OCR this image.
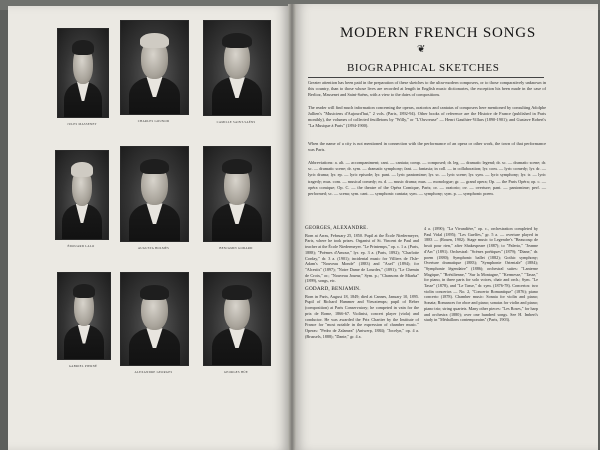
JULES MASSENET
CHARLES GOUNOD	CAMILLE SAINT-SAËNS
ÉDOUARD LALO	AUGUSTA HOLMÈS	BENJAMIN GODARD
GABRIEL PIERNÉ
ALEXANDRE GEORGES	GEORGES HÜE
MODERN FRENCH SONGS
❦
BIOGRAPHICAL SKETCHES

Greater attention has been paid in the preparation of these sketches to the ultra-modern composers, or to those comparatively unknown in this country, than to those whose lives are recorded at length in English music dictionaries, the exception his been made in the case of Berlioz, Massenet and Saint-Saëns, with a view to the dates of compositions.

The reader will find much information concerning the operas, oratorios and cantatas of composers here mentioned by consulting Adolphe Jullien's "Musiciens d'Aujourd'hui," 2 vols. (Paris, 1892-94). Other books of reference are the Histoire de France (published in Paris monthly), the volumes of collected feuilletons by "Willy," or "L'Ouvreuse" — Henri Gauthier-Villars (1890-1901); and Gustave Robert's "La Musique à Paris" (1894-1900).

When the name of a city is not mentioned in connection with the performance of an opera or other work, the town of that performance was Paris.

Abbreviations: a. alt. — accompaniment; cant. — cantata; comp. — composed; dr. leg. — dramatic legend; dr. sc. — dramatic scene; dr. sc. — dramatic scene; dr. sym. — dramatic symphony; fant. — fantasia; in coll. — in collaboration; lyr. com. — lyric comedy; lyr. dr. — lyric drama; lyr. ep. — lyric episode; lyr. pant. — lyric pantomime; lyr. sc. — lyric scene; lyr. sym. — lyric symphony; lyr. tr. — lyric tragedy; mus. com. — musical comedy; m. d. — music drama; mus. — monologue; gr. — grand opera; Op. — the Paris Opéra; op. c. — opéra comique; Op. C. — the theatre of the Opéra Comique, Paris; or. — oratorio; ov. — overture; pant. — pantomime; perf. — performed; sc. — scena; sym. cant. — symphonic cantata; sym. — symphony; sym. p. — symphonic poem.

GEORGES, ALEXANDRE.
Born at Arras, February 25, 1850. Pupil at the École Niedermeyer, Paris, where he took prizes. Organist of St. Vincent de Paul and teacher at the École Niedermeyer. "Le Printemps," op. c. 1 a. (Paris, 1888); "Poèmes d'Amour," lyr. ep. 3 a. (Paris, 1892); "Charlotte Corday," dr. 3 a. (1901); incidental music for Villiers de l'Isle-Adam's "Nouveau Monde" (1883) and "Axel" (1894); for "Alcestis" (1897); "Notre Dame de Lourdes," (1891); "Le Chemin de Croix," or.; "Nouveau Joueur," Sym. p.; "Chansons de Miarka" (1899), songs, etc.
GODARD, BENJAMIN.
Born in Paris, August 18, 1849; died at Cannes, January 10, 1895. Pupil of Richard Hammer and Vieuxtemps; pupil of Reber (composition) at Paris Conservatory; he competed in vain for the prix de Rome, 1866-67. Violinist, concert player (viola) and conductor. He was awarded the Prix Chartier by the Institute of France for "most notable in the expression of chamber music." Operas: "Pedro de Zalamea" (Antwerp, 1884); "Jocelyn," op. 4 a. (Brussels, 1888); "Dante," gr. 4 a.
4 a. (1890); "La Vivandière," op. c., orchestration completed by Paul Vidal (1895); "Les Guelfes," gr. 5 a. — overture played in 1883 — (Rouen, 1902). Stage music to Legendre's "Beaucoup de bruit pour rien," after Shakespeare (1887); to "Palerio," "Jeanne d'Arc" (1891). Orchestral: "Scènes poétiques" (1879); "Diane," dr. poem (1880); Symphonic ballet (1882); Gothic symphony; Overture dramatique (1883); "Symphonie Orientale" (1884); "Symphonie légendaire" (1886); orchestral suites: "Lanterne Magique," "Brésilienne," "Sur la Montagne," "Kermesse," "Tasse," for piano, in three parts for solo voices, chair and orch.; Sym. "Le Tasse" (1878), and "Le Tasse," dr. sym. (1876-78). Concertos: two violin concertos — No. 2, "Concerto Romantique" (1876); piano concerto (1878). Chamber music: Sonata for violin and piano; Sonata; Romances for oboe and piano; sonatas for violin and piano; piano trio; string quartets. Many other pieces: "Les Roses," for harp and orchestra (1880); over one hundred songs. See H. Imbert's study in "Médaillons contemporains" (Paris, 1903).
